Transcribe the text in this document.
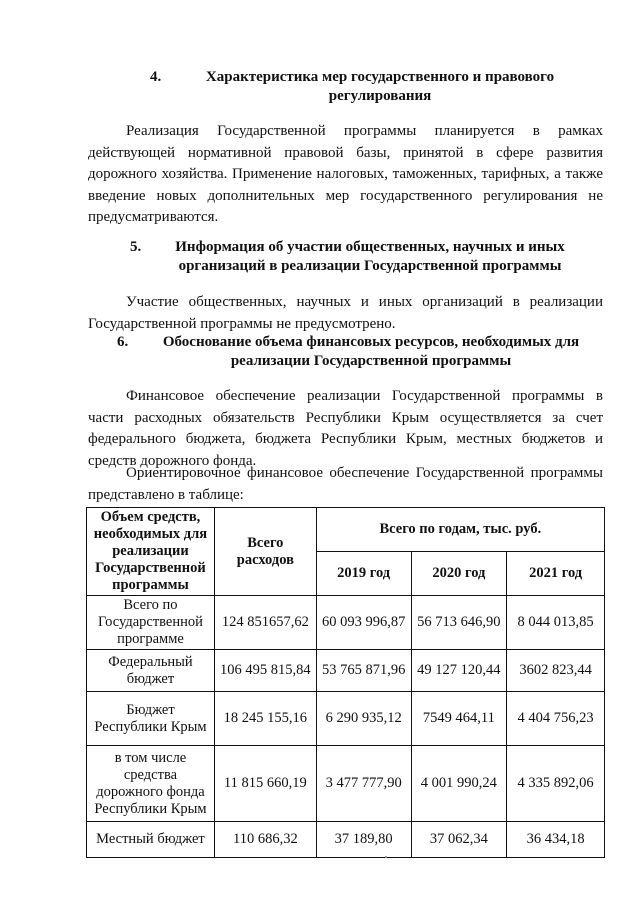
4.	Характеристика мер государственного и правового
регулирования
Реализация Государственной программы планируется в рамках действующей нормативной правовой базы, принятой в сфере развития дорожного хозяйства. Применение налоговых, таможенных, тарифных, а также введение новых дополнительных мер государственного регулирования не предусматриваются.
5.	Информация об участии общественных, научных и иных
организаций в реализации Государственной программы
Участие общественных, научных и иных организаций в реализации Государственной программы не предусмотрено.
6.	Обоснование объема финансовых ресурсов, необходимых для
реализации Государственной программы
Финансовое обеспечение реализации Государственной программы в части расходных обязательств Республики Крым осуществляется за счет федерального бюджета, бюджета Республики Крым, местных бюджетов и средств дорожного фонда.
Ориентировочное финансовое обеспечение Государственной программы представлено в таблице:
Объем средств, необходимых для реализации Государственной программы	Всего расходов	Всего по годам, тыс. руб.		
		2019 год	2020 год	2021 год
Всего по Государственной программе	124 851657,62	60 093 996,87	56 713 646,90	8 044 013,85
Федеральный бюджет	106 495 815,84	53 765 871,96	49 127 120,44	3602 823,44
Бюджет Республики Крым	18 245 155,16	6 290 935,12	7549 464,11	4 404 756,23
в том числе средства дорожного фонда Республики Крым	11 815 660,19	3 477 777,90	4 001 990,24	4 335 892,06
Местный бюджет	110 686,32	37 189,80	37 062,34	36 434,18
